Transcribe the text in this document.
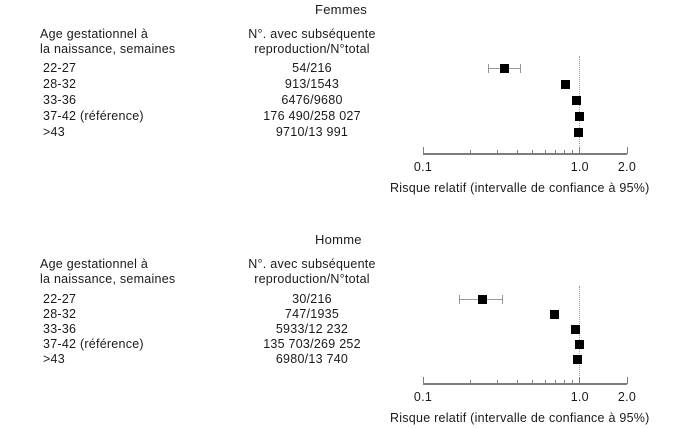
Femmes
Age gestationnel à
la naissance, semaines
N°. avec subséquente
reproduction/N°total
Risque relatif (intervalle de confiance à 95%)
22-27	54/216
28-32	913/1543
33-36	6476/9680
37-42 (référence)	176 490/258 027
>43	9710/13 991
0.1	1.0	2.0
Homme
Age gestationnel à
la naissance, semaines
N°. avec subséquente
reproduction/N°total
Risque relatif (intervalle de confiance à 95%)
22-27	30/216
28-32	747/1935
33-36	5933/12 232
37-42 (référence)	135 703/269 252
>43	6980/13 740
0.1	1.0	2.0
